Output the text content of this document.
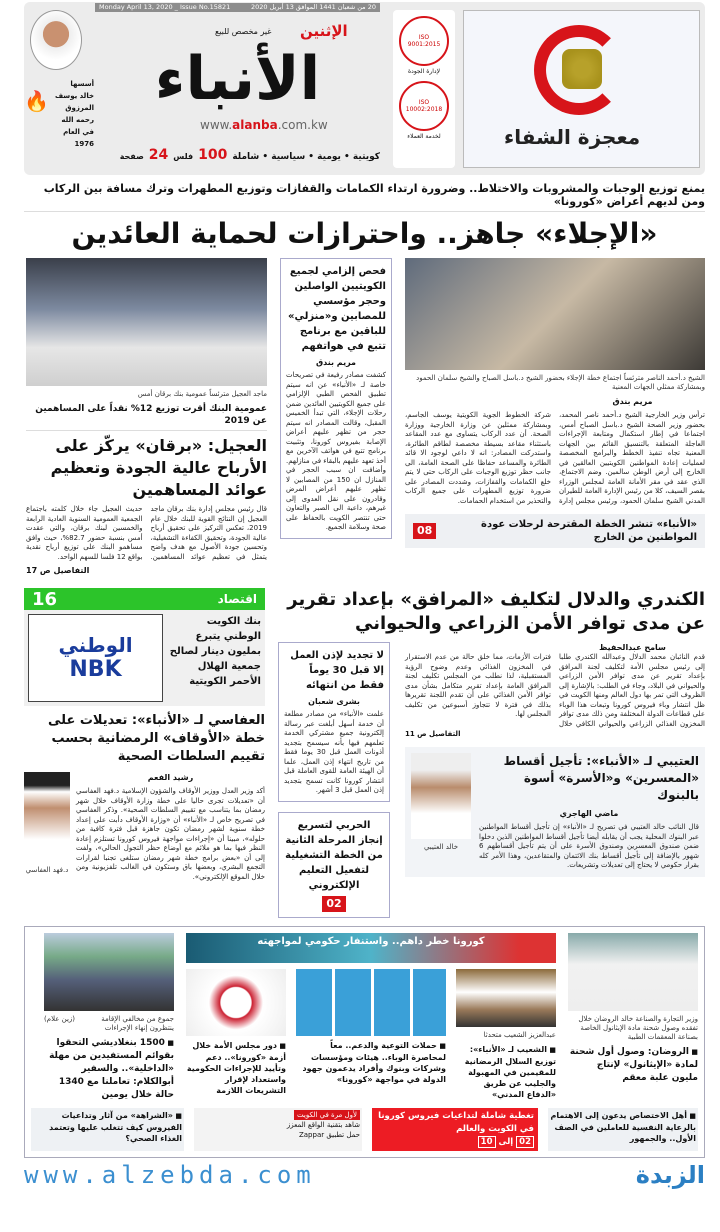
معجزة الشفاء
ISO 9001:2015
لإدارة الجودة
ISO 10002:2018
لخدمة العملاء
20 من شعبان 1441 الموافق 13 أبريل 2020
Monday April 13, 2020 _ Issue No.15821
الإثنين
غير مخصص للبيع
الأنباء
www.alanba.com.kw
كويتية • يومية • سياسية • شاملة
100
فلس
24
صفحة
🔥
أسسها
خالد يوسف
المرزوق
رحمه الله
في العام
1976
يمنع توزيع الوجبات والمشروبات والاختلاط.. وضرورة ارتداء الكمامات والقفازات وتوزيع المطهرات وترك مسافة بين الركاب ومن لديهم أعراض «كورونا»
«الإجلاء» جاهز.. واحترازات لحماية العائدين
الشيخ د.أحمد الناصر مترئساً اجتماع خطة الإجلاء بحضور الشيخ د.باسل الصباح والشيخ سلمان الحمود وبمشاركة ممثلي الجهات المعنية
مريم بندق
ترأس وزير الخارجية الشيخ د.أحمد ناصر المحمد، بحضور وزير الصحة الشيخ د.باسل الصباح أمس، اجتماعا في إطار استكمال ومتابعة الإجراءات العاجلة المتعلقة بالتنسيق القائم بين الجهات المعنية تجاه تنفيذ الخطط والبرامج المخصصة لعمليات إعادة المواطنين الكويتيين العالقين في الخارج إلى أرض الوطن سالمين. وضم الاجتماع، الذي عقد في مقر الأمانة العامة لمجلس الوزراء بقصر السيف، كلا من رئيس الإدارة العامة للطيران المدني الشيخ سلمان الحمود، ورئيس مجلس إدارة شركة الخطوط الجوية الكويتية يوسف الجاسم، وبمشاركة ممثلين عن وزارة الخارجية ووزارة الصحة. أن عدد الركاب يتساوى مع عدد المقاعد باستثناء مقاعد بسيطة مخصصة لطاقم الطائرة، واستدركت المصادر: انه لا داعي لوجود الا قائد الطائرة والمساعد حفاظا على الصحة العامة، الى جانب حظر توزيع الوجبات على الركاب حتى لا يتم خلع الكمامات والقفازات، وشددت المصادر على ضرورة توزيع المطهرات على جميع الركاب والتحذير من استخدام الحمامات.
«الأنباء» تنشر الخطة المقترحة لرحلات عودة المواطنين من الخارج
08
فحص إلزامي لجميع الكويتيين الواصلين وحجر مؤسسي للمصابين و«منزلي» للباقين مع برنامج تتبع في هواتفهم
مريم بندق
كشفت مصادر رفيعة في تصريحات خاصة لـ «الأنباء» عن انه سيتم تطبيق الفحص الطبي الإلزامي على جميع الكويتيين العائدين ضمن رحلات الإجلاء، التي تبدأ الخميس المقبل، وقالت المصادر انه سيتم حجر من تظهر عليهم أعراض الإصابة بفيروس كورونا، وتثبيت برنامج تتبع في هواتف الآخرين مع أخذ تعهد عليهم بالبقاء في منازلهم. وأضافت ان سبب الحجر في المنازل ان 150 من المصابين لا تظهر عليهم أعراض المرض وقادرون على نقل العدوى إلى غيرهم، داعية الى الصبر والتعاون حتى تنتصر الكويت بالحفاظ على صحة وسلامة الجميع.
ماجد العجيل مترئساً عمومية بنك برقان أمس
عمومية البنك أقرت توزيع 12% نقداً على المساهمين عن 2019
العجيل: «برقان» يركّز على الأرباح عالية الجودة وتعظيم عوائد المساهمين
قال رئيس مجلس إدارة بنك برقان ماجد العجيل إن النتائج القوية للبنك خلال عام 2019، تعكس التركيز على تحقيق أرباح عالية الجودة، وتحقيق الكفاءة التشغيلية، وتحسين جودة الأصول مع هدف واضح يتمثل في تعظيم عوائد المساهمين. حديث العجيل جاء خلال كلمته باجتماع الجمعية العمومية السنوية العادية الرابعة والخمسين لبنك برقان، والتي عقدت أمس بنسبة حضور 82.7%، حيث وافق مساهمو البنك على توزيع أرباح نقدية بواقع 12 فلسا للسهم الواحد.
التفاصيل ص 17
الكندري والدلال لتكليف «المرافق» بإعداد تقرير عن مدى توافر الأمن الزراعي والحيواني
سامح عبدالحفيظ
قدم النائبان محمد الدلال وعبدالله الكندري طلبا إلى رئيس مجلس الأمة لتكليف لجنة المرافق بإعداد تقرير عن مدى توافر الأمن الزراعي والحيواني في البلاد، وجاء في الطلب: بالإشارة إلى الظروف التي تمر بها دول العالم ومنها الكويت في ظل انتشار وباء فيروس كورونا وتبعات هذا الوباء على قطاعات الدولة المختلفة ومن ذلك مدى توافر المخزون الغذائي الزراعي والحيواني الكافي خلال فترات الأزمات، مما خلق حالة من عدم الاستقرار في المخزون الغذائي وعدم وضوح الرؤية المستقبلية، لذا نطلب من المجلس تكليف لجنة المرافق العامة بإعداد تقرير متكامل بشأن مدى توافر الأمن الغذائي على أن تقدم اللجنة تقريرها بذلك في فترة لا تتجاوز أسبوعين من تكليف المجلس لها.
التفاصيل ص 11
العتيبي لـ «الأنباء»: تأجيل أقساط «المعسرين» و«الأسرة» أسوة بالبنوك
ماضي الهاجري
قال النائب خالد العتيبي في تصريح لـ «الأنباء» إن تأجيل أقساط المواطنين عبر البنوك المحلية يجب أن يقابله أيضا تأجيل أقساط المواطنين الذين دخلوا ضمن صندوق المعسرين وصندوق الأسرة على أن يتم تأجيل أقساطهم 6 شهور بالإضافة إلى تأجيل أقساط بنك الائتمان والمتقاعدين، وهذا الأمر كله بقرار حكومي لا يحتاج إلى تعديلات وتشريعات.
خالد العتيبي
لا تجديد لإذن العمل إلا قبل 30 يوماً فقط من انتهائه
بشرى شعبان
علمت «الأنباء» من مصادر مطلعة أن خدمة أسهل أبلغت عبر رسالة إلكترونية جميع مشتركي الخدمة تعلمهم فيها بأنه سيسمح بتجديد أذونات العمل قبل 30 يوما فقط من تاريخ انتهاء إذن العمل، علما أن الهيئة العامة للقوى العاملة قبل انتشار كورونا كانت تسمح بتجديد إذن العمل قبل 3 أشهر.
الحربي لتسريع إنجاز المرحلة الثانية من الخطة التشغيلية لتفعيل التعليم الإلكتروني
02
اقتصاد
16
بنك الكويت الوطني يتبرع بمليون دينار لصالح جمعية الهلال الأحمر الكويتية
الوطني
NBK
العفاسي لـ «الأنباء»: تعديلات على خطة «الأوقاف» الرمضانية بحسب تقييم السلطات الصحية
رشيد الفعم
أكد وزير العدل ووزير الأوقاف والشؤون الإسلامية د.فهد العفاسي أن «تعديلات تجرى حاليا على خطة وزارة الأوقاف خلال شهر رمضان بما يتناسب مع تقييم السلطات الصحية». وذكر العفاسي في تصريح خاص لـ «الأنباء» أن «وزارة الأوقاف دأبت على إعداد خطة سنوية لشهر رمضان تكون جاهزة قبل فترة كافية من حلوله»، مبينا أن «إجراءات مواجهة فيروس كورونا تستلزم إعادة النظر فيها بما هو ملائم مع أوضاع حظر التجول الحالي»، ولفت إلى أن «بعض برامج خطة شهر رمضان ستلغى تجنبا لقرارات التجمع البشري، وبعضها باق وستكون في الغالب تلفزيونية ومن خلال الموقع الإلكتروني».
د.فهد العفاسي
وزير التجارة والصناعة خالد الروضان خلال تفقده وصول شحنة مادة الإيثانول الخاصة بصناعة المعقمات الطبية
■ الروضان: وصول أول شحنة لمادة «الإيثانول» لإنتاج مليون علبة معقم
كورونا خطر داهم.. واستنفار حكومي لمواجهته
عبدالعزيز الشعيب متحدثا
■ الشعيب لـ «الأنباء»: توزيع السلال الرمضانية للمقيمين في المهبولة والجليب عن طريق «الدفاع المدني»
■ حملات التوعية والدعم.. معاً لمحاصرة الوباء.. هيئات ومؤسسات وشركات وبنوك وأفراد يدعمون جهود الدولة في مواجهة «كورونا»
■ دور مجلس الأمة خلال أزمة «كورونا».. دعم وتأييد للإجراءات الحكومية واستعداد لإقرار التشريعات اللازمة
جموع من مخالفي الإقامة ينتظرون إنهاء الإجراءات
(زين علام)
■ 1500 بنغلاديشي التحقوا بقوائم المستفيدين من مهلة «الداخلية».. والسفير أبوالكلام: تعاملنا مع 1340 حالة خلال يومين
■ أهل الاختصاص يدعون إلى الاهتمام بالرعاية النفسية للعاملين في الصف الأول.. والجمهور
تغطية شاملة لتداعيات فيروس كورونا في الكويت والعالم
02 إلى 10
لأول مرة في الكويت
شاهد بتقنية الواقع المعزز
حمل تطبيق Zappar
■ «الشراهة» من آثار وتداعيات الفيروس كيف تتغلب عليها وتعتمد الغذاء الصحي؟
www.alzebda.com	الزبدة
